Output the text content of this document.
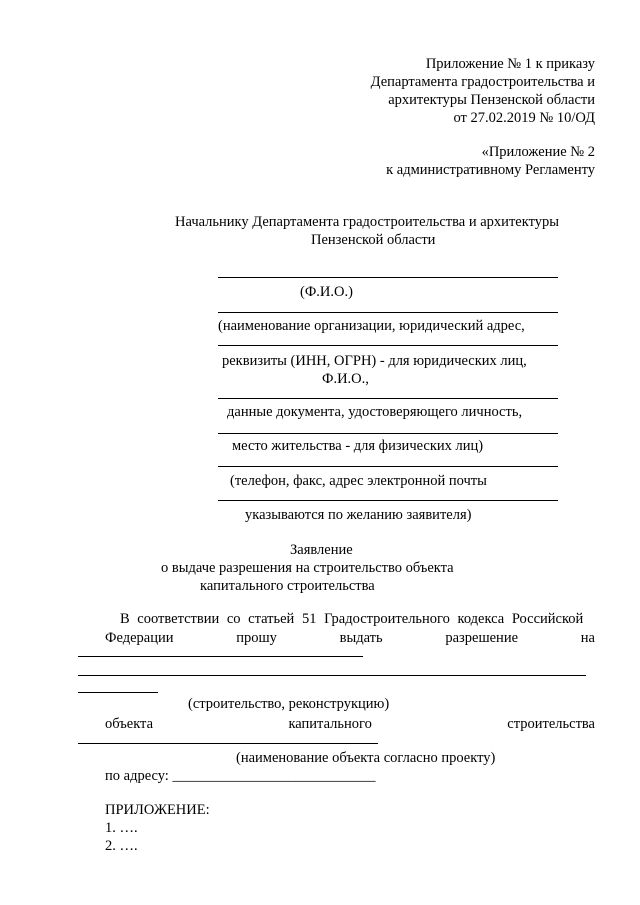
Приложение № 1 к приказу
Департамента градостроительства и
архитектуры Пензенской области
от 27.02.2019 № 10/ОД
«Приложение № 2
к административному Регламенту
Начальнику Департамента градостроительства и архитектуры
Пензенской области
(Ф.И.О.)
(наименование организации, юридический адрес,
реквизиты (ИНН, ОГРН) - для юридических лиц,
Ф.И.О.,
данные документа, удостоверяющего личность,
место жительства - для физических лиц)
(телефон, факс, адрес электронной почты
указываются по желанию заявителя)
Заявление
о выдаче разрешения на строительство объекта
капитального строительства
В соответствии со статьей 51 Градостроительного кодекса Российской
Федерации	прошу	выдать	разрешение	на
(строительство, реконструкцию)
объекта	капитального	строительства
(наименование объекта согласно проекту)
по адресу: ____________________________
ПРИЛОЖЕНИЕ:
1. ….
2. ….
